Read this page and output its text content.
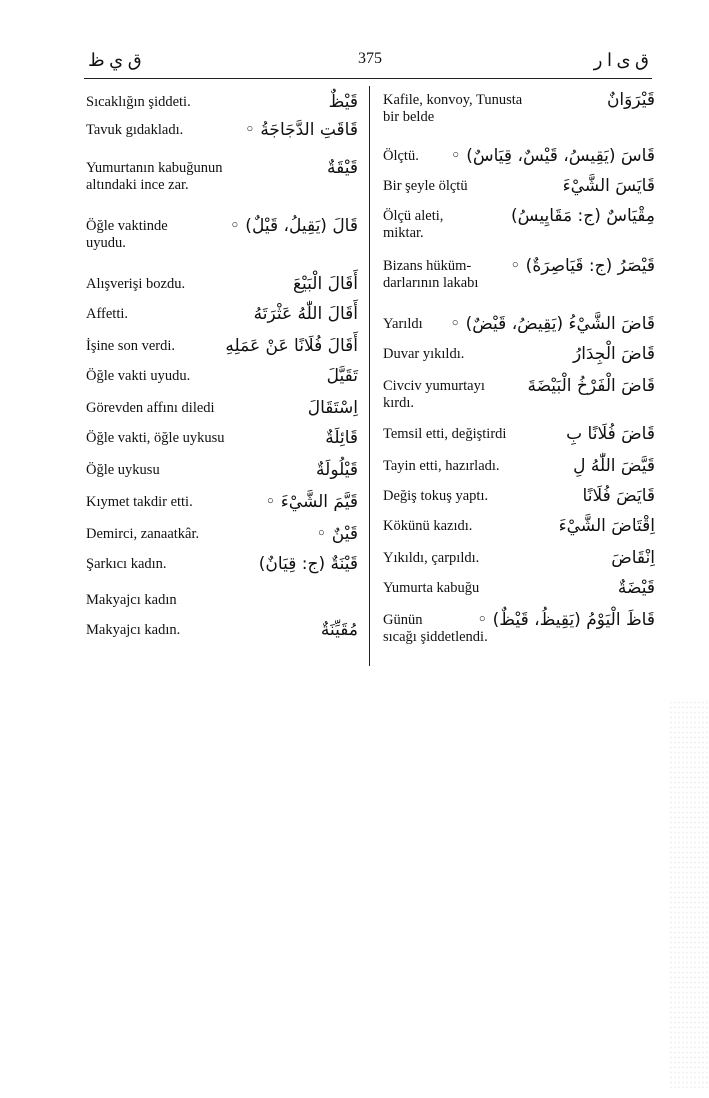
ق ي ظ	375	ق ى ا ر
Sıcaklığın şiddeti.	قَيْظٌ
Tavuk gıdakladı.	قَاقَتِ الدَّجَاجَةُ ◦
Yumurtanın kabuğunun
altındaki ince zar.
قَيْقَةٌ
Öğle vaktinde
uyudu.
قَالَ (يَقِيلُ، قَيْلٌ) ◦
Alışverişi bozdu.	أَقَالَ الْبَيْعَ
Affetti.	أَقَالَ اللّٰهُ عَثْرَتَهُ
İşine son verdi.	أَقَالَ فُلَانًا عَنْ عَمَلِهِ
Öğle vakti uyudu.	تَقَيَّلَ
Görevden affını diledi	اِسْتَقَالَ
Öğle vakti, öğle uykusu	قَائِلَةٌ
Öğle uykusu	قَيْلُولَةٌ
Kıymet takdir etti.	قَيَّمَ الشَّيْءَ ◦
Demirci, zanaatkâr.	قَيْنٌ ◦
Şarkıcı kadın.	قَيْنَةٌ (ج: قِيَانٌ)
Makyajcı kadın
Makyajcı kadın.	مُقَيِّنَةٌ
Kafile, konvoy, Tunusta
bir belde
قَيْرَوَانٌ
Ölçtü.	قَاسَ (يَقِيسُ، قَيْسٌ، قِيَاسٌ) ◦
Bir şeyle ölçtü	قَايَسَ الشَّيْءَ
Ölçü aleti,
miktar.
مِقْيَاسٌ (ج: مَقَايِيسُ)
Bizans hüküm-
darlarının lakabı
قَيْصَرُ (ج: قَيَاصِرَةٌ) ◦
Yarıldı	قَاضَ الشَّيْءُ (يَقِيضُ، قَيْضٌ) ◦
Duvar yıkıldı.	قَاضَ الْجِدَارُ
Civciv yumurtayı
kırdı.
قَاضَ الْفَرْخُ الْبَيْضَةَ
Temsil etti, değiştirdi	قَاضَ فُلَانًا بِ
Tayin etti, hazırladı.	قَيَّضَ اللّٰهُ لِ
Değiş tokuş yaptı.	قَايَضَ فُلَانًا
Kökünü kazıdı.	اِقْتَاضَ الشَّيْءَ
Yıkıldı, çarpıldı.	اِنْقَاضَ
Yumurta kabuğu	قَيْضَةٌ
Günün
sıcağı şiddetlendi.
قَاظَ الْيَوْمُ (يَقِيظُ، قَيْظٌ) ◦
